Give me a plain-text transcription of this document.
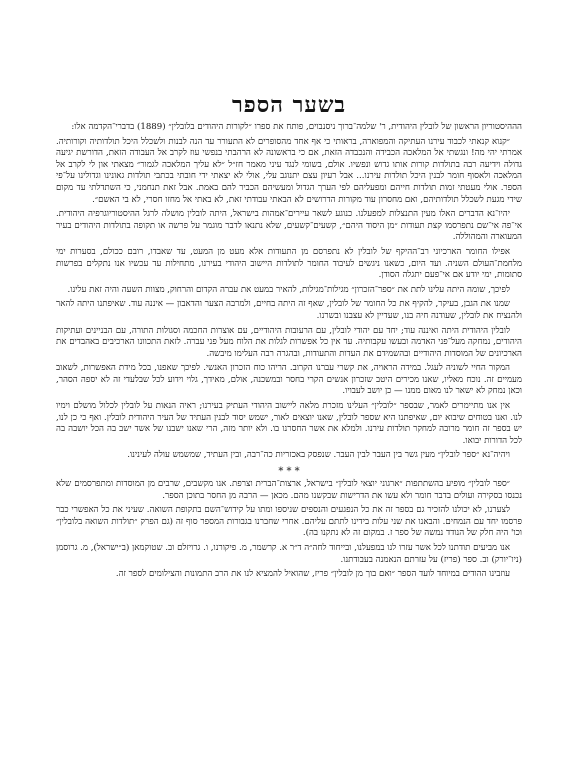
בשער הספר

הההיסטוריון הראשון של לובלין היהודית, ר' שלמה־ברוך ניסנבוים, פותח את ספרו ״לקורות היהודים בלובלין״ (1889) בדברי־הקדמה אלו:

״קנוא קנאתי לכבוד עירנו העתיקה והמפוארה, בראותי כי אף אחד מהסופרים לא התעורר עד הנה לבנות ולשכלל היכל תולדותיה וקורותיה. אמרתי יהי מה! ונגשתי אל המלאכה הכבידה והנכבדה הזאת, אם כי בראשונה לא הרהבתי בנפשי עוז לקרב אל העבודה הזאת, הדורשת יגיעה גדולה וידיעה רבה בתולדות קורות אותו גדוש ונפשיו. אולם, בשומי לנגד עיני מאמר חז״ל ״לא עליך המלאכה לגמור״ מצאתי און לי לקרב אל המלאכה ולאסוף חומר לבנין היכל תולדות עירנו... אבל רעיון עצם יתנוגב עלי, אולי לא יצאתי ידי חובתי בכתבי תולדות גאונינו וגדולינו על־פי הספר. אולי מעטתי זמות תולדות חייהם ומפעליהם לפי הערך הגדול ומעשיהם הכביר להם באמת. אבל זאת תנחמני, כי השתדלתי עד מקום שידי מגעת לשכלל תולדותיהם, ואם מחסרון עוד מקורות הדרושים לא הבאתי עבודתי זאת, לא באתי אל מחזו חסרי, לא בי האשם״.

יהיו־נא הדברים האלו מעין התנצלות למפעלנו. כנוגע לשאר עיירים־אמהות בישראל, היתה לובלין מושלה לרגל ההיסטוריוגרפיה היהודית. אי־פה אי־שם נתפרסמו קצת תעודות ״מן היסוד היהם״, קשעים־קשעים, שלא נתנאו לדבר מוגמר על פרשה או תקופה בתולדות היהודים בעיר המעוארה והמהוללה.

אפילו החומר הארכיוני רב־ההיקף של לובלין לא נתפרסם מן התעודות אלא מעט מן המעט, עד שאבדו, רובם ככולם, בסערות ימי מלחמת־העולם השניה. ועד היום, כשאנו ניגשים לעיבוד החומר לתולדות היישוב היהודי בעירנו, מתחילות עד עכשיו אנו נתקלים בפרשות סתומות, ימי יודע אם אי־פעם יתגלה הסודן.

לפיכך, שומה היתה עלינו לתת את ״ספר־הזכרון״ מגילות־מגילות, להאיר במעט את עברה הקדום והרחוק, מצוות השעה והיה זאת עלינו.

שמנו את הגבן, בעיקר, להקיף את כל החומר של לובלין, שאף זה היתה בחיים, ולמרבה הצער והדאבון — איננה עוד. שאיפתנו היתה להאר ולהנציח את לובלין, שעודנה חיה בנו, שעדיין לא עצבנו ובשרנו.

לובלין היהודית היתה ואיננה עוד; יחד עם יהודי לובלין, עם הרעובות היהודיים, עם אוצרות החכמה וסגולות התורה, עם הבניינים ועתיקות היהודים, נמחקה מעל־פני האדמה ובעשו עקבותיה. עד אין כל אפשרות לגלות את הלוח מעל פני עברה. לזאת התכוונו הארכיבים באהבדים את הארכיונים של המוסדות היהודיים ובהשמידם את העדות והתעודות, ובהגרה רבה העלימו מיבשה.

המקור החיי לשוניה לעגל. במידה הראויה, את קשרי עברנו הקרוב. הריהו כוח הזכרון האנשי. לפיכך שאפנו, בכל מידת האפשרות, לשאוב מעמיים זה. נוכח מאליו, שאנו מכירים היטב שזכרון אנשים הקרי בחסר ובמשכנה, אולם, מאידך, גלוי וידוע לכל שבלעדי זה לא יספה הסהר, וכאן נמחק לא ישאר לנו מאום ממנו — כן יושב לעבויו.

אין אנו מתיימרים לאמר, שבספר ״לובלין״ העלינו מזכרת מלאה ליישוב היהודי העתיק בעירנו; ראיה הנאות על לובלין לכלול מושלם וימיו לנו. ואנו בטוחים שיבוא יום, שאיפתנו היא שספר לובלין, שאנו יוצאים לאור, ישמש יסוד לבנין העתיד של העיר היהודית לובלין. ואף כי כן לנו, יש בספר זה חומר מרובה למחקר תולדות עירנו. ולמלא את אשר החסרנו בו. ולא יותר מזה, הרי שאנו ישבנו של אשד ישב בה הכל יושבה בה לכל הדורות יבואו.

ויהיה־נא ״ספר לובלין״ מעין גשר בין העבר לבין העבר. שנפסק באכזריות כה־רבה, ובין העתיד, שמשמש עולה לעינינו.

* * *

״ספר לובלין״ מופיע בהשתתפות ״ארגוני יוצאי לובלין״ בישראל, ארצות־הברית וצרפת. אנו מקשבים, שרבים מן המוסדות ומתפרסמים שלא נכנסו בסקירה ועולים בדבר חומר ולא עשו את הדרישות שבקשנו מהם. מכאן — הרבה מן החסר בתוכן הספר.

לצערנו, לא יכולנו להזכיר גם בספר זה את כל הנפגעים והנספים שניספו ומתו על קידוש־השם בתקופת השואה. שעיני את כל האפשרי כבר פרסמו יחד עם הנמחים. והבאנו את שני עלות בידינו לתתם עליהם. אחרי שחברנו בגבורות המספר סוף זה (גם הפרק ״תולדות השואה בלובלין״ וכו' היה חלק של הנודד נמשה של ספר ז. במקום זה לא נתקנו בה).

אנו מביעים תודתנו לכל אשר עזרו לנו במפעלנו, ובייחוד לחה״ה ד״ר א. קרשמר, מ. פיקורנו, ו. גרויזלם וב. שטוקמאן (ב״ישראל), מ. גרוסמן (ניו־יורק) וב. ספר (פריז) על עזרתם הנאמנה בעבודתנו.

עוזבינו ההודים במיוחד לועד הספר ״ואם בוך מן לובלין״ פריז, שהואיל להמציא לנו את הרב התמונות והצילומים לספר זה.
